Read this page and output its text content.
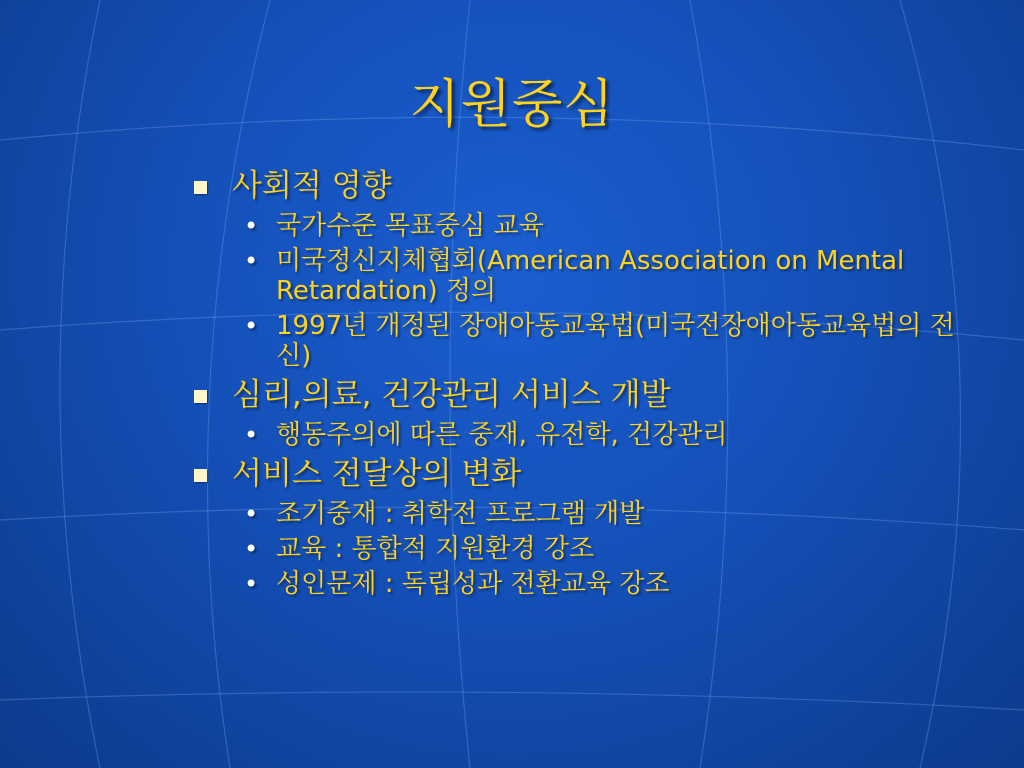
지원중심
사회적 영향
• 국가수준 목표중심 교육
• 미국정신지체협회(American Association on Mental Retardation) 정의
• 1997년 개정된 장애아동교육법(미국전장애아동교육법의 전신)
심리,의료, 건강관리 서비스 개발
• 행동주의에 따른 중재, 유전학, 건강관리
서비스 전달상의 변화
• 조기중재 : 취학전 프로그램 개발
• 교육 : 통합적 지원환경 강조
• 성인문제 : 독립성과 전환교육 강조
